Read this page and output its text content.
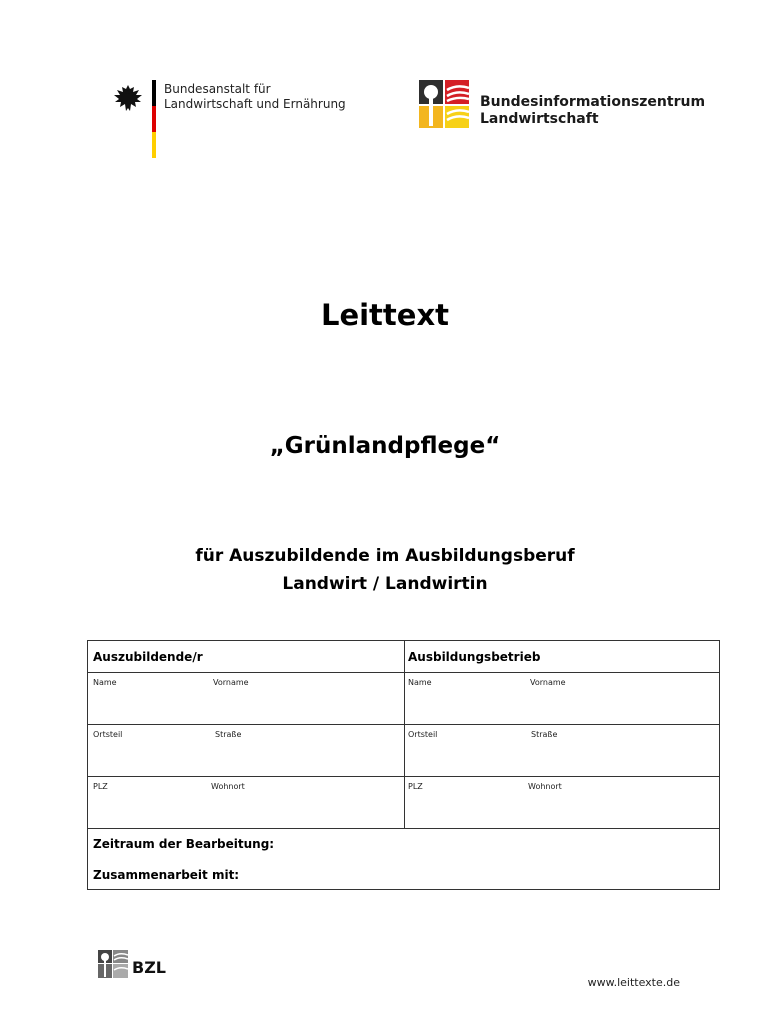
Bundesanstalt für
Landwirtschaft und Ernährung	Bundesinformationszentrum
Landwirtschaft
Leittext
„Grünlandpflege“
für Auszubildende im Ausbildungsberuf
Landwirt / Landwirtin
Auszubildende/r	Ausbildungsbetrieb
Name	Vorname	Name	Vorname
Ortsteil	Straße	Ortsteil	Straße
PLZ	Wohnort	PLZ	Wohnort
Zeitraum der Bearbeitung:
Zusammenarbeit mit:
BZL
www.leittexte.de
